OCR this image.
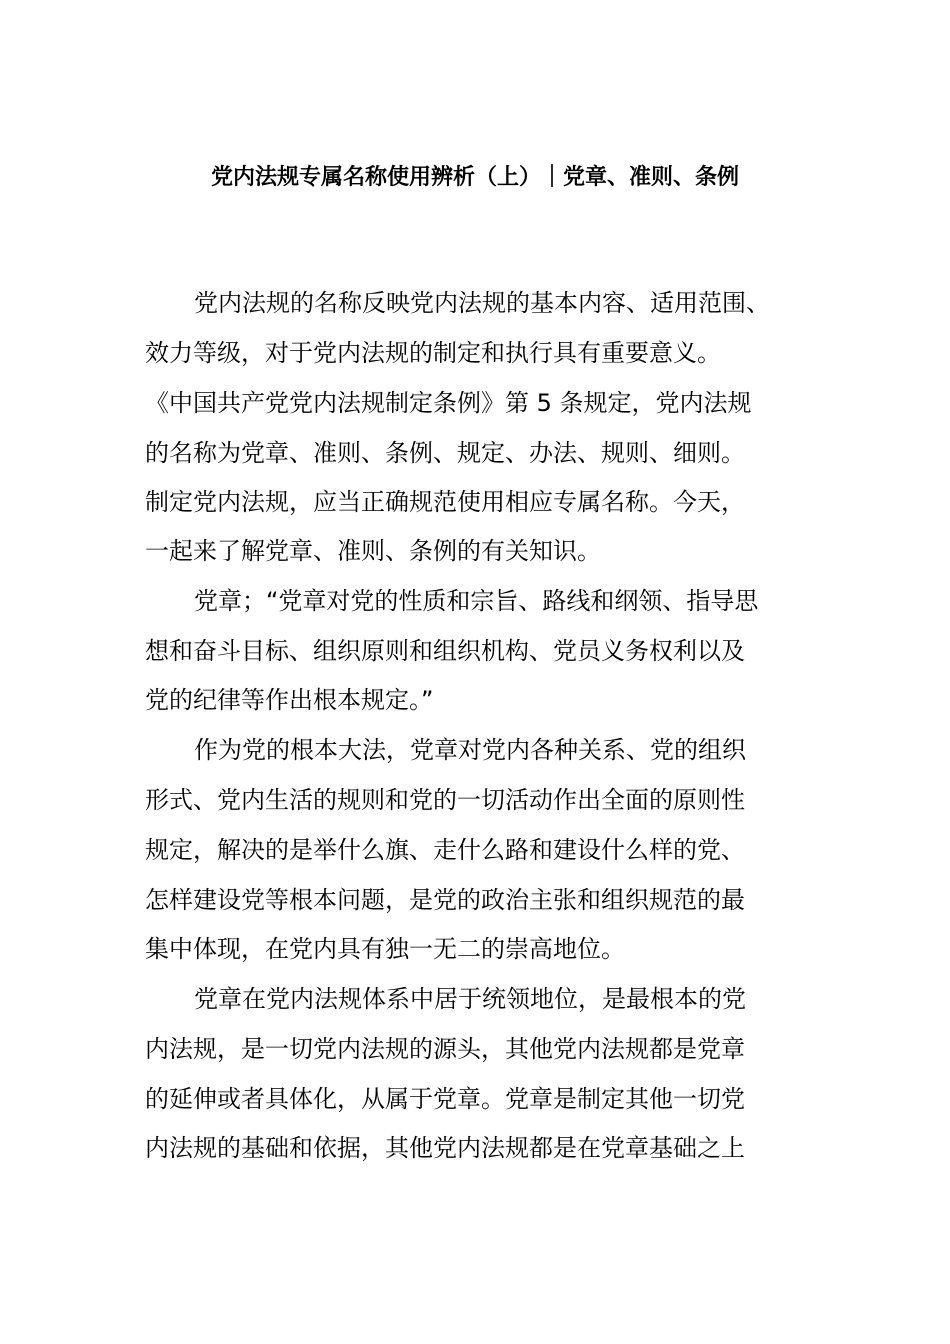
党内法规专属名称使用辨析（上）｜党章、准则、条例
党内法规的名称反映党内法规的基本内容、适用范围、
效力等级，对于党内法规的制定和执行具有重要意义。
《中国共产党党内法规制定条例》第 5 条规定，党内法规
的名称为党章、准则、条例、规定、办法、规则、细则。
制定党内法规，应当正确规范使用相应专属名称。今天，
一起来了解党章、准则、条例的有关知识。
党章；“党章对党的性质和宗旨、路线和纲领、指导思
想和奋斗目标、组织原则和组织机构、党员义务权利以及
党的纪律等作出根本规定。”
作为党的根本大法，党章对党内各种关系、党的组织
形式、党内生活的规则和党的一切活动作出全面的原则性
规定，解决的是举什么旗、走什么路和建设什么样的党、
怎样建设党等根本问题，是党的政治主张和组织规范的最
集中体现，在党内具有独一无二的崇高地位。
党章在党内法规体系中居于统领地位，是最根本的党
内法规，是一切党内法规的源头，其他党内法规都是党章
的延伸或者具体化，从属于党章。党章是制定其他一切党
内法规的基础和依据，其他党内法规都是在党章基础之上
